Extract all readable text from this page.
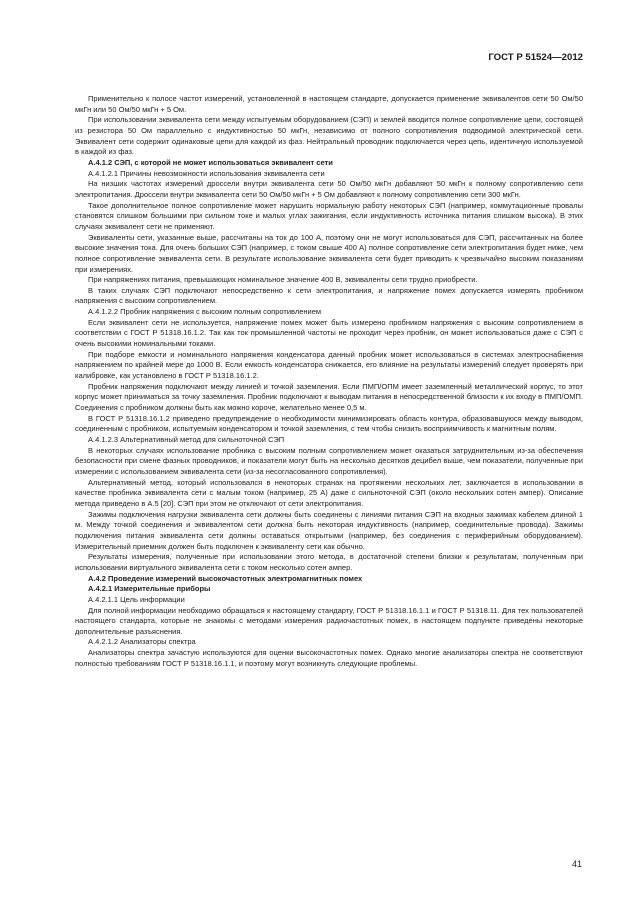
ГОСТ Р 51524—2012

Применительно к полосе частот измерений, установленной в настоящем стандарте, допускается применение эквивалентов сети 50 Ом/50 мкГн или 50 Ом/50 мкГн + 5 Ом.

При использовании эквивалента сети между испытуемым оборудованием (СЭП) и землей вводится полное сопротивление цепи, состоящей из резистора 50 Ом параллельно с индуктивностью 50 мкГн, независимо от полного сопротивления подводимой электрической сети. Эквивалент сети содержит одинаковые цепи для каждой из фаз. Нейтральный проводник подключается через цепь, идентичную используемой в каждой из фаз.

А.4.1.2 СЭП, с которой не может использоваться эквивалент сети

А.4.1.2.1 Причины невозможности использования эквивалента сети

На низших частотах измерений дроссели внутри эквивалента сети 50 Ом/50 мкГн добавляют 50 мкГн к полному сопротивлению сети электропитания. Дроссели внутри эквивалента сети 50 Ом/50 мкГн + 5 Ом добавляют к полному сопротивлению сети 300 мкГн.

Такое дополнительное полное сопротивление может нарушить нормальную работу некоторых СЭП (например, коммутационные провалы становятся слишком большими при сильном токе и малых углах зажигания, если индуктивность источника питания слишком высока). В этих случаях эквивалент сети не применяют.

Эквиваленты сети, указанные выше, рассчитаны на ток до 100 А, поэтому они не могут использоваться для СЭП, рассчитанных на более высокие значения тока. Для очень больших СЭП (например, с током свыше 400 А) полное сопротивление сети электропитания будет ниже, чем полное сопротивление эквивалента сети. В результате использование эквивалента сети будет приводить к чрезвычайно высоким показаниям при измерениях.

При напряжениях питания, превышающих номинальное значение 400 В, эквиваленты сети трудно приобрести.

В таких случаях СЭП подключают непосредственно к сети электропитания, и напряжение помех допускается измерять пробником напряжения с высоким сопротивлением.

А.4.1.2.2 Пробник напряжения с высоким полным сопротивлением

Если эквивалент сети не используется, напряжение помех может быть измерено пробником напряжения с высоким сопротивлением в соответствии с ГОСТ Р 51318.16.1.2. Так как ток промышленной частоты не проходит через пробник, он может использоваться даже с СЭП с очень высокими номинальными токами.

При подборе емкости и номинального напряжения конденсатора данный пробник может использоваться в системах электроснабжения напряжением по крайней мере до 1000 В. Если емкость конденсатора снижается, его влияние на результаты измерений следует проверять при калибровке, как установлено в ГОСТ Р 51318.16.1.2.

Пробник напряжения подключают между линией и точкой заземления. Если ПМП/ОПМ имеет заземленный металлический корпус, то этот корпус может приниматься за точку заземления. Пробник подключают к выводам питания в непосредственной близости к их входу в ПМП/ОМП. Соединения с пробником должны быть как можно короче, желательно менее 0,5 м.

В ГОСТ Р 51318.16.1.2 приведено предупреждение о необходимости минимизировать область контура, образовавшуюся между выводом, соединенным с пробником, испытуемым конденсатором и точкой заземления, с тем чтобы снизить восприимчивость к магнитным полям.

А.4.1.2.3 Альтернативный метод для сильноточной СЭП

В некоторых случаях использование пробника с высоким полным сопротивлением может оказаться затруднительным из-за обеспечения безопасности при смене фазных проводников, и показатели могут быть на несколько десятков децибел выше, чем показатели, полученные при измерении с использованием эквивалента сети (из-за несогласованного сопротивления).

Альтернативный метод, который использовался в некоторых странах на протяжении нескольких лет, заключается в использовании в качестве пробника эквивалента сети с малым током (например, 25 А) даже с сильноточной СЭП (около нескольких сотен ампер). Описание метода приведено в А.5 [20]. СЭП при этом не отключают от сети электропитания.

Зажимы подключения нагрузки эквивалента сети должны быть соединены с линиями питания СЭП на входных зажимах кабелем длиной 1 м. Между точкой соединения и эквивалентом сети должна быть некоторая индуктивность (например, соединительные провода). Зажимы подключения питания эквивалента сети должны оставаться открытыми (например, без соединения с периферийным оборудованием). Измерительный приемник должен быть подключен к эквиваленту сети как обычно.

Результаты измерения, полученные при использовании этого метода, в достаточной степени близки к результатам, полученным при использовании виртуального эквивалента сети с током несколько сотен ампер.

А.4.2 Проведение измерений высокочастотных электромагнитных помех

А.4.2.1 Измерительные приборы

А.4.2.1.1 Цель информации

Для полной информации необходимо обращаться к настоящему стандарту, ГОСТ Р 51318.16.1.1 и ГОСТ Р 51318.11. Для тех пользователей настоящего стандарта, которые не знакомы с методами измерения радиочастотных помех, в настоящем подпункте приведены некоторые дополнительные разъяснения.

А.4.2.1.2 Анализаторы спектра

Анализаторы спектра зачастую используются для оценки высокочастотных помех. Однако многие анализаторы спектра не соответствуют полностью требованиям ГОСТ Р 51318.16.1.1, и поэтому могут возникнуть следующие проблемы.

41
